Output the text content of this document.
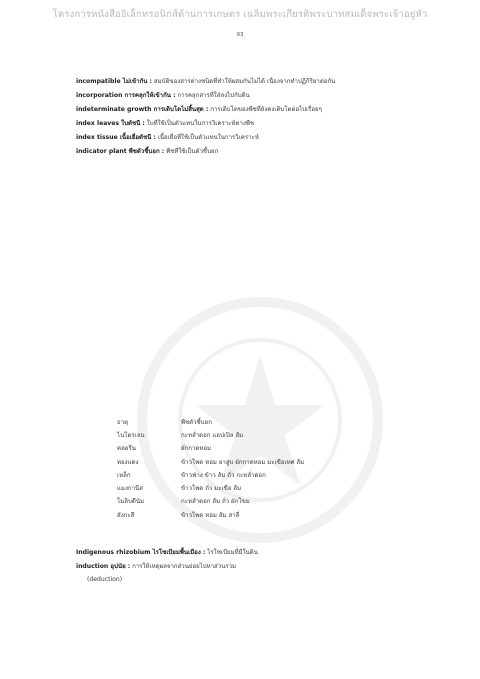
โครงการหนังสืออิเล็กทรอนิกส์ด้านการเกษตร เฉลิมพระเกียรติพระบาทสมเด็จพระเจ้าอยู่หัว
93
incompatible ไม่เข้ากัน : สมบัติของสารต่างชนิดที่ทำให้ผสมกันไม่ได้ เนื่องจากทำปฏิกิริยาต่อกัน
incorporation การคลุกให้เข้ากัน : การคลุกสารที่ใส่ลงไปกับดิน
indeterminate growth การเติบโตไม่สิ้นสุด : การเติบโตของพืชที่ยังคงเติบโตต่อไปเรื่อยๆ
index leaves ใบดัชนี : ใบที่ใช้เป็นตัวแทนในการวิเคราะห์ทางพืช
index tissue เนื้อเยื่อดัชนี : เนื้อเยื่อที่ใช้เป็นตัวแทนในการวิเคราะห์
indicator plant พืชตัวชี้บอก : พืชที่ใช้เป็นตัวชี้บอก
ธาตุ	พืชตัวชี้บอก
ไนโตรเจน	กะหล่ำดอก แอปเปิล ส้ม
คลอรีน	ผักกาดหอม
ทองแดง	ข้าวโพด หอม ยาสูบ ผักกาดหอม มะเขือเทศ ส้ม
เหล็ก	ข้าวฟ่าง ข้าว ส้ม ถั่ว กะหล่ำดอก
แมงกานีส	ข้าวโพด ถั่ว มะเขือ ส้ม
โมลิบดีนัม	กะหล่ำดอก ส้ม ถั่ว ผักโขม
สังกะสี	ข้าวโพด หอม ส้ม สาลี่
Indigenous rhizobium ไรโซเบียมพื้นเมือง : ไรโซเบียมที่มีในดิน
induction อุปนัย : การให้เหตุผลจากส่วนย่อยไปหาส่วนรวม
(deduction)
